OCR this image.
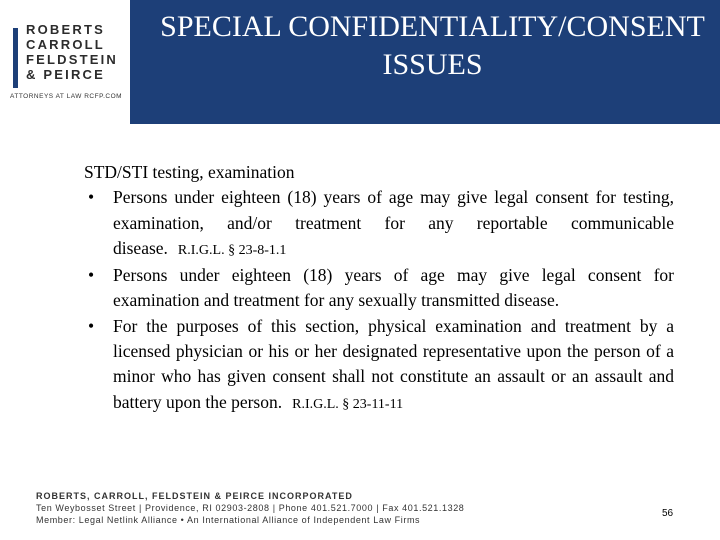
ROBERTS
CARROLL
FELDSTEIN
& PEIRCE
ATTORNEYS AT LAW RCFP.COM
SPECIAL CONFIDENTIALITY/CONSENT ISSUES

STD/STI testing, examination

• Persons under eighteen (18) years of age may give legal consent for testing, examination, and/or treatment for any reportable communicable disease. R.I.G.L. § 23-8-1.1
• Persons under eighteen (18) years of age may give legal consent for examination and treatment for any sexually transmitted disease.
• For the purposes of this section, physical examination and treatment by a licensed physician or his or her designated representative upon the person of a minor who has given consent shall not constitute an assault or an assault and battery upon the person. R.I.G.L. § 23-11-11
ROBERTS, CARROLL, FELDSTEIN & PEIRCE INCORPORATED
Ten Weybosset Street | Providence, RI 02903-2808 | Phone 401.521.7000 | Fax 401.521.1328
Member: Legal Netlink Alliance • An International Alliance of Independent Law Firms
56
